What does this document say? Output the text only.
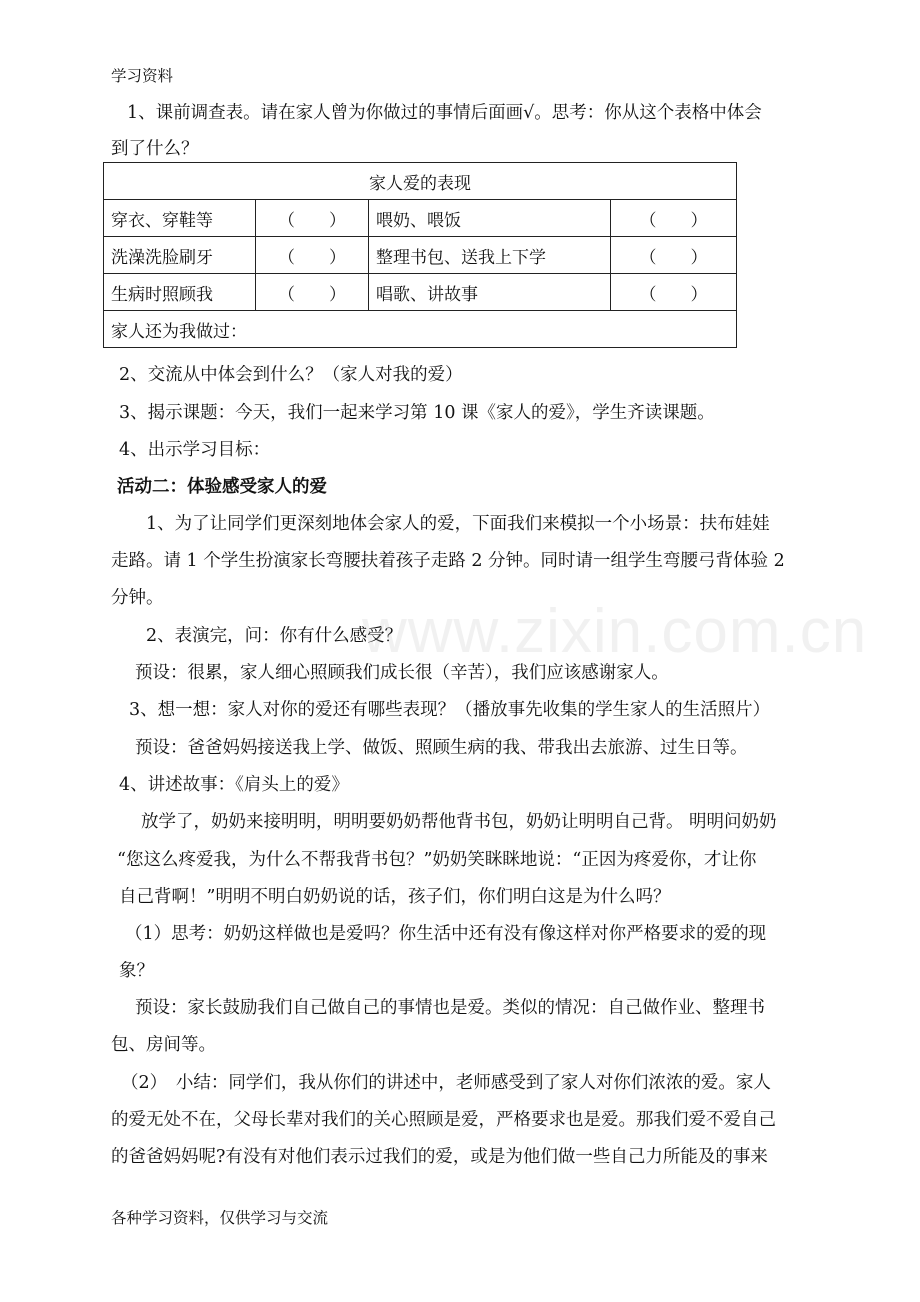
学习资料
1、课前调查表。请在家人曾为你做过的事情后面画√。思考：你从这个表格中体会
到了什么？
家人爱的表现			
穿衣、穿鞋等	（　　）	喂奶、喂饭	（　　）
洗澡洗脸刷牙	（　　）	整理书包、送我上下学	（　　）
生病时照顾我	（　　）	唱歌、讲故事	（　　）
家人还为我做过：			
2、交流从中体会到什么？（家人对我的爱）
3、揭示课题：今天，我们一起来学习第 10 课《家人的爱》，学生齐读课题。
4、出示学习目标：
活动二：体验感受家人的爱
1、为了让同学们更深刻地体会家人的爱，下面我们来模拟一个小场景：扶布娃娃
走路。请 1 个学生扮演家长弯腰扶着孩子走路 2 分钟。同时请一组学生弯腰弓背体验 2
分钟。
2、表演完，问：你有什么感受？
预设：很累，家人细心照顾我们成长很（辛苦），我们应该感谢家人。
3、想一想：家人对你的爱还有哪些表现？（播放事先收集的学生家人的生活照片）
预设：爸爸妈妈接送我上学、做饭、照顾生病的我、带我出去旅游、过生日等。
4、讲述故事：《肩头上的爱》
放学了，奶奶来接明明，明明要奶奶帮他背书包，奶奶让明明自己背。 明明问奶奶
“您这么疼爱我，为什么不帮我背书包？”奶奶笑眯眯地说：“正因为疼爱你，才让你
自己背啊！”明明不明白奶奶说的话，孩子们，你们明白这是为什么吗？
（1）思考：奶奶这样做也是爱吗？你生活中还有没有像这样对你严格要求的爱的现
象？
预设：家长鼓励我们自己做自己的事情也是爱。类似的情况：自己做作业、整理书
包、房间等。
（2）　小结：同学们，我从你们的讲述中，老师感受到了家人对你们浓浓的爱。家人
的爱无处不在，父母长辈对我们的关心照顾是爱，严格要求也是爱。那我们爱不爱自己
的爸爸妈妈呢?有没有对他们表示过我们的爱，或是为他们做一些自己力所能及的事来
www.zixin.com.cn
各种学习资料，仅供学习与交流
